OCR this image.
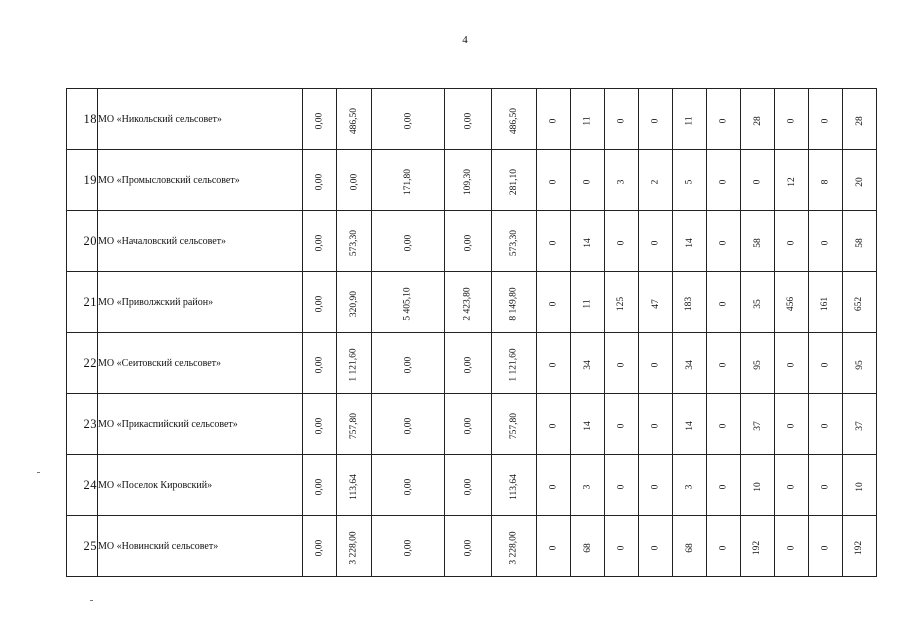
4
18	МО «Никольский сельсовет»	0,00	486,50	0,00	0,00	486,50	0	11	0	0	11	0	28	0	0	28
19	МО «Промысловский сельсовет»	0,00	0,00	171,80	109,30	281,10	0	0	3	2	5	0	0	12	8	20
20	МО «Началовский сельсовет»	0,00	573,30	0,00	0,00	573,30	0	14	0	0	14	0	58	0	0	58
21	МО «Приволжский район»	0,00	320,90	5 405,10	2 423,80	8 149,80	0	11	125	47	183	0	35	456	161	652
22	МО «Сеитовский сельсовет»	0,00	1 121,60	0,00	0,00	1 121,60	0	34	0	0	34	0	95	0	0	95
23	МО «Прикаспийский сельсовет»	0,00	757,80	0,00	0,00	757,80	0	14	0	0	14	0	37	0	0	37
24	МО «Поселок Кировский»	0,00	113,64	0,00	0,00	113,64	0	3	0	0	3	0	10	0	0	10
25	МО «Новинский сельсовет»	0,00	3 228,00	0,00	0,00	3 228,00	0	68	0	0	68	0	192	0	0	192
